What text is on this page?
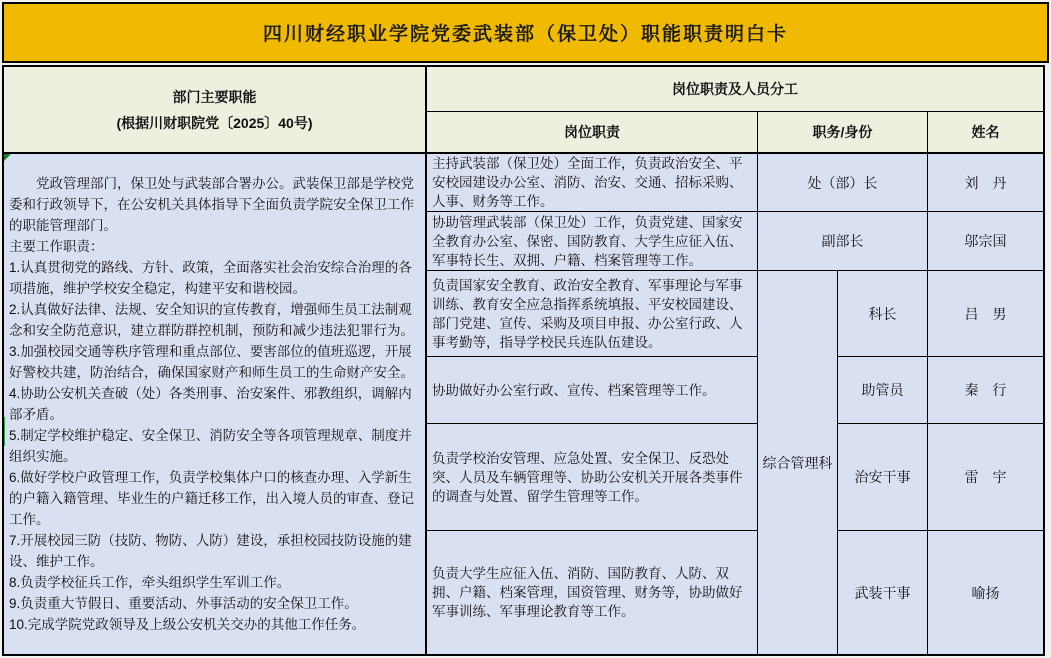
四川财经职业学院党委武装部（保卫处）职能职责明白卡
部门主要职能
(根据川财职院党〔2025〕40号)
岗位职责及人员分工
岗位职责	职务/身份	姓名
　　党政管理部门，保卫处与武装部合署办公。武装保卫部是学校党委和行政领导下，在公安机关具体指导下全面负责学院安全保卫工作的职能管理部门。
主要工作职责：
1.认真贯彻党的路线、方针、政策，全面落实社会治安综合治理的各项措施，维护学校安全稳定，构建平安和谐校园。
2.认真做好法律、法规、安全知识的宣传教育，增强师生员工法制观念和安全防范意识，建立群防群控机制，预防和减少违法犯罪行为。
3.加强校园交通等秩序管理和重点部位、要害部位的值班巡逻，开展好警校共建，防治结合，确保国家财产和师生员工的生命财产安全。
4.协助公安机关查破（处）各类刑事、治安案件、邪教组织，调解内部矛盾。
5.制定学校维护稳定、安全保卫、消防安全等各项管理规章、制度并组织实施。
6.做好学校户政管理工作，负责学校集体户口的核查办理、入学新生的户籍入籍管理、毕业生的户籍迁移工作，出入境人员的审查、登记工作。
7.开展校园三防（技防、物防、人防）建设，承担校园技防设施的建设、维护工作。
8.负责学校征兵工作，牵头组织学生军训工作。
9.负责重大节假日、重要活动、外事活动的安全保卫工作。
10.完成学院党政领导及上级公安机关交办的其他工作任务。
主持武装部（保卫处）全面工作，负责政治安全、平安校园建设办公室、消防、治安、交通、招标采购、人事、财务等工作。
协助管理武装部（保卫处）工作，负责党建、国家安全教育办公室、保密、国防教育、大学生应征入伍、军事特长生、双拥、户籍、档案管理等工作。
负责国家安全教育、政治安全教育、军事理论与军事训练、教育安全应急指挥系统填报、平安校园建设、部门党建、宣传、采购及项目申报、办公室行政、人事考勤等，指导学校民兵连队伍建设。
协助做好办公室行政、宣传、档案管理等工作。
负责学校治安管理、应急处置、安全保卫、反恐处突、人员及车辆管理等、协助公安机关开展各类事件的调查与处置、留学生管理等工作。
负责大学生应征入伍、消防、国防教育、人防、双拥、户籍、档案管理，国资管理、财务等，协助做好军事训练、军事理论教育等工作。
处（部）长
副部长
综合管理科
科长
助管员
治安干事
武装干事
刘　丹
邬宗国
吕　男
秦　行
雷　宇
喻扬
